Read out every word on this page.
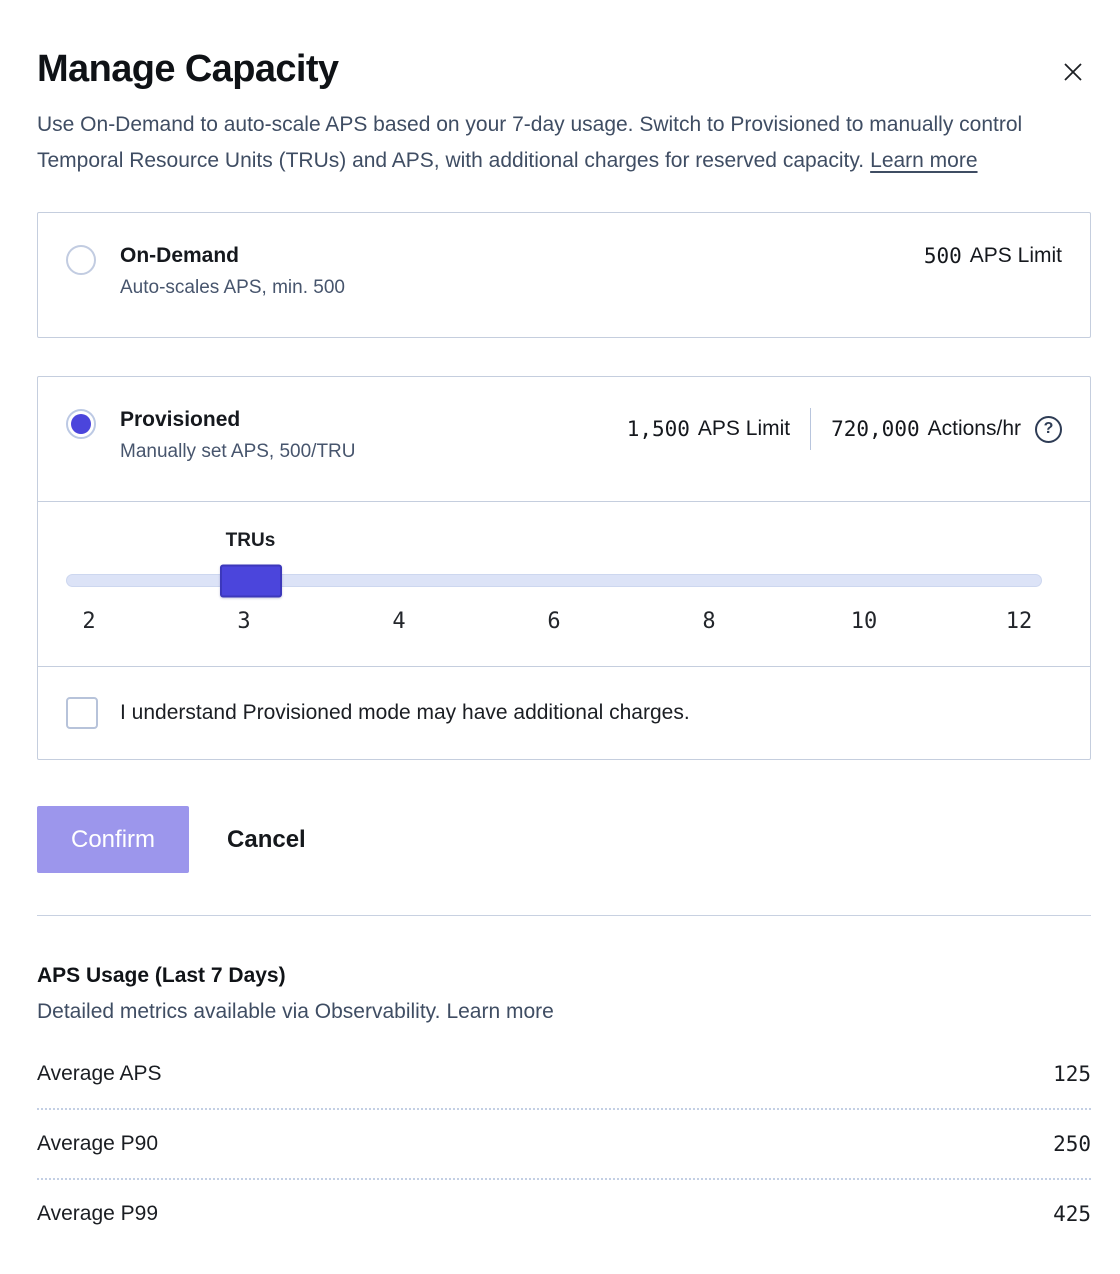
Manage Capacity

Use On-Demand to auto-scale APS based on your 7-day usage. Switch to Provisioned to manually control Temporal Resource Units (TRUs) and APS, with additional charges for reserved capacity. Learn more

On-Demand
Auto-scales APS, min. 500
500 APS Limit
Provisioned
Manually set APS, 500/TRU
1,500 APS Limit 720,000 Actions/hr	?
TRUs
2	3	4	6	8	10	12
I understand Provisioned mode may have additional charges.
Confirm	Cancel
APS Usage (Last 7 Days)
Detailed metrics available via Observability. Learn more
Average APS	125
Average P90	250
Average P99	425
